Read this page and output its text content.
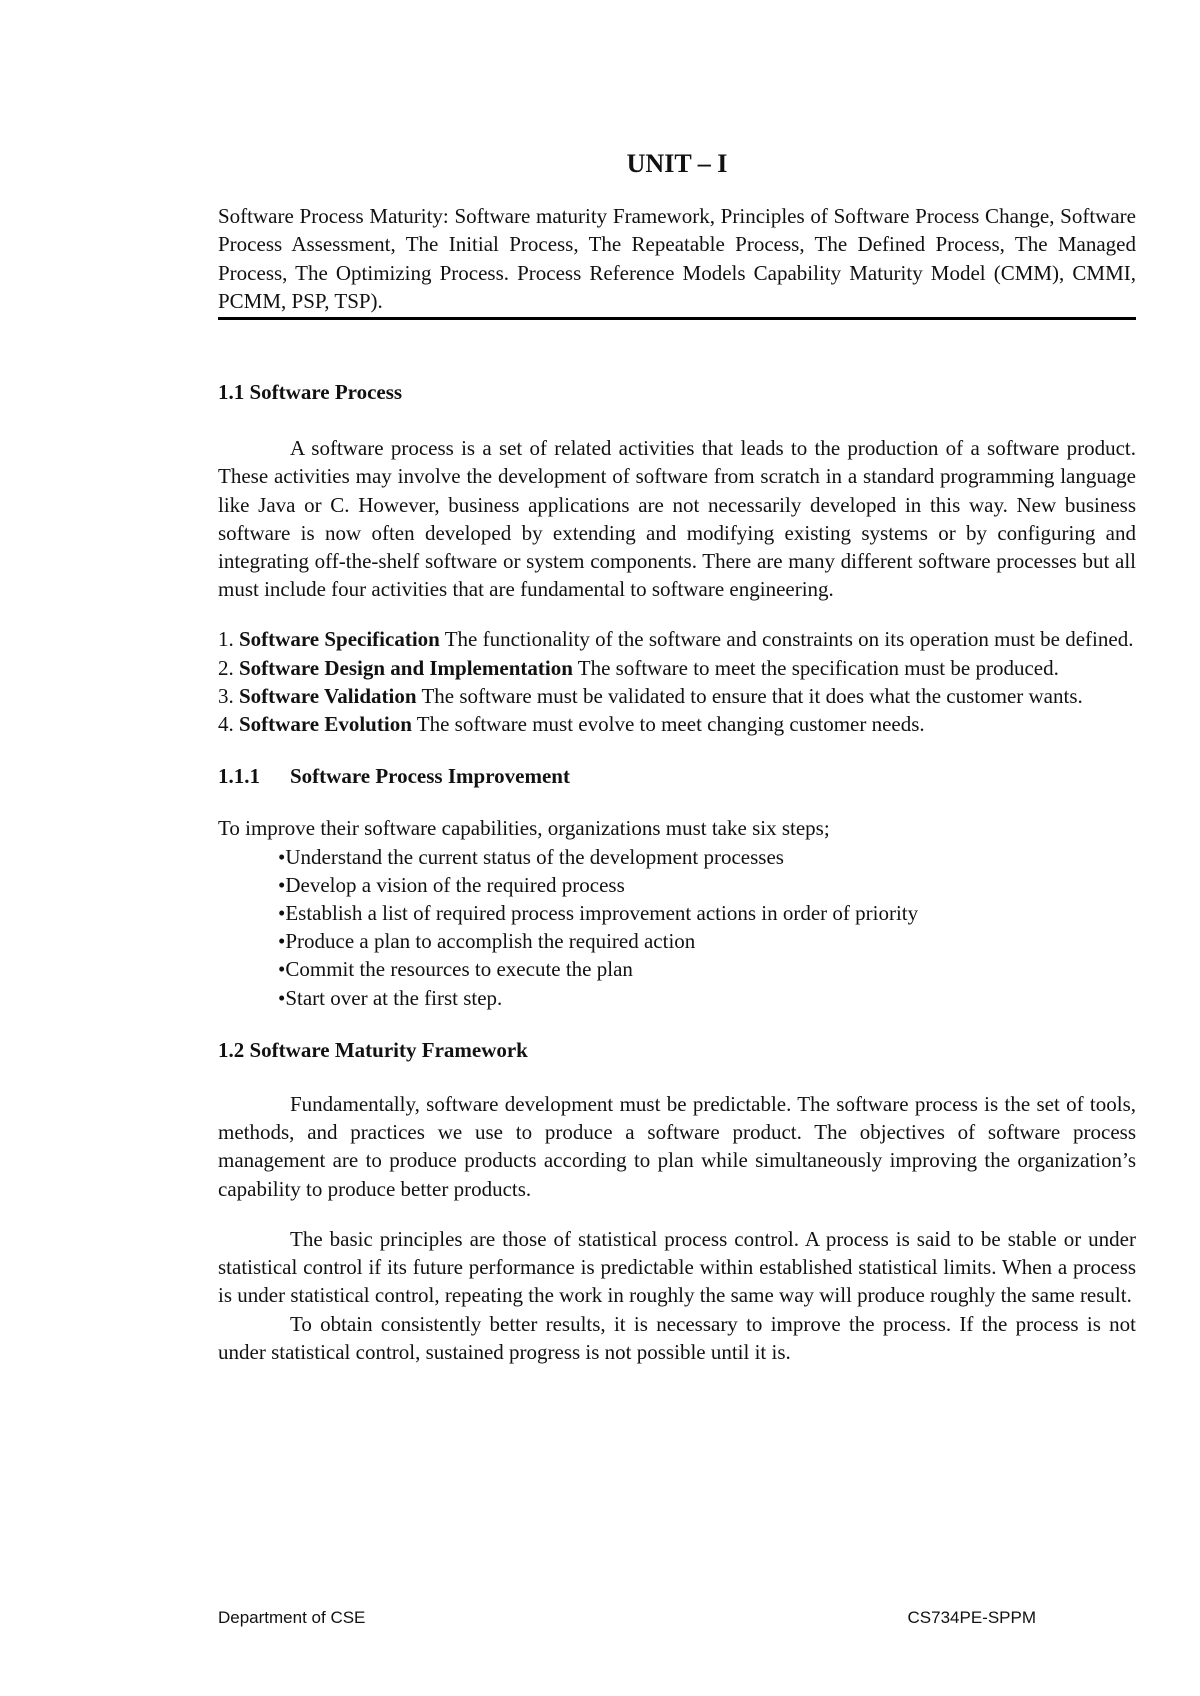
UNIT – I

Software Process Maturity: Software maturity Framework, Principles of Software Process Change, Software Process Assessment, The Initial Process, The Repeatable Process, The Defined Process, The Managed Process, The Optimizing Process. Process Reference Models Capability Maturity Model (CMM), CMMI, PCMM, PSP, TSP).

1.1 Software Process

A software process is a set of related activities that leads to the production of a software product. These activities may involve the development of software from scratch in a standard programming language like Java or C. However, business applications are not necessarily developed in this way. New business software is now often developed by extending and modifying existing systems or by configuring and integrating off-the-shelf software or system components. There are many different software processes but all must include four activities that are fundamental to software engineering.

1. Software Specification The functionality of the software and constraints on its operation must be defined.

2. Software Design and Implementation The software to meet the specification must be produced.

3. Software Validation The software must be validated to ensure that it does what the customer wants.

4. Software Evolution The software must evolve to meet changing customer needs.

1.1.1 Software Process Improvement

To improve their software capabilities, organizations must take six steps;

•Understand the current status of the development processes
•Develop a vision of the required process
•Establish a list of required process improvement actions in order of priority
•Produce a plan to accomplish the required action
•Commit the resources to execute the plan
•Start over at the first step.
1.2 Software Maturity Framework

Fundamentally, software development must be predictable. The software process is the set of tools, methods, and practices we use to produce a software product. The objectives of software process management are to produce products according to plan while simultaneously improving the organization’s capability to produce better products.

The basic principles are those of statistical process control. A process is said to be stable or under statistical control if its future performance is predictable within established statistical limits. When a process is under statistical control, repeating the work in roughly the same way will produce roughly the same result.

To obtain consistently better results, it is necessary to improve the process. If the process is not under statistical control, sustained progress is not possible until it is.

Department of CSE	CS734PE-SPPM
